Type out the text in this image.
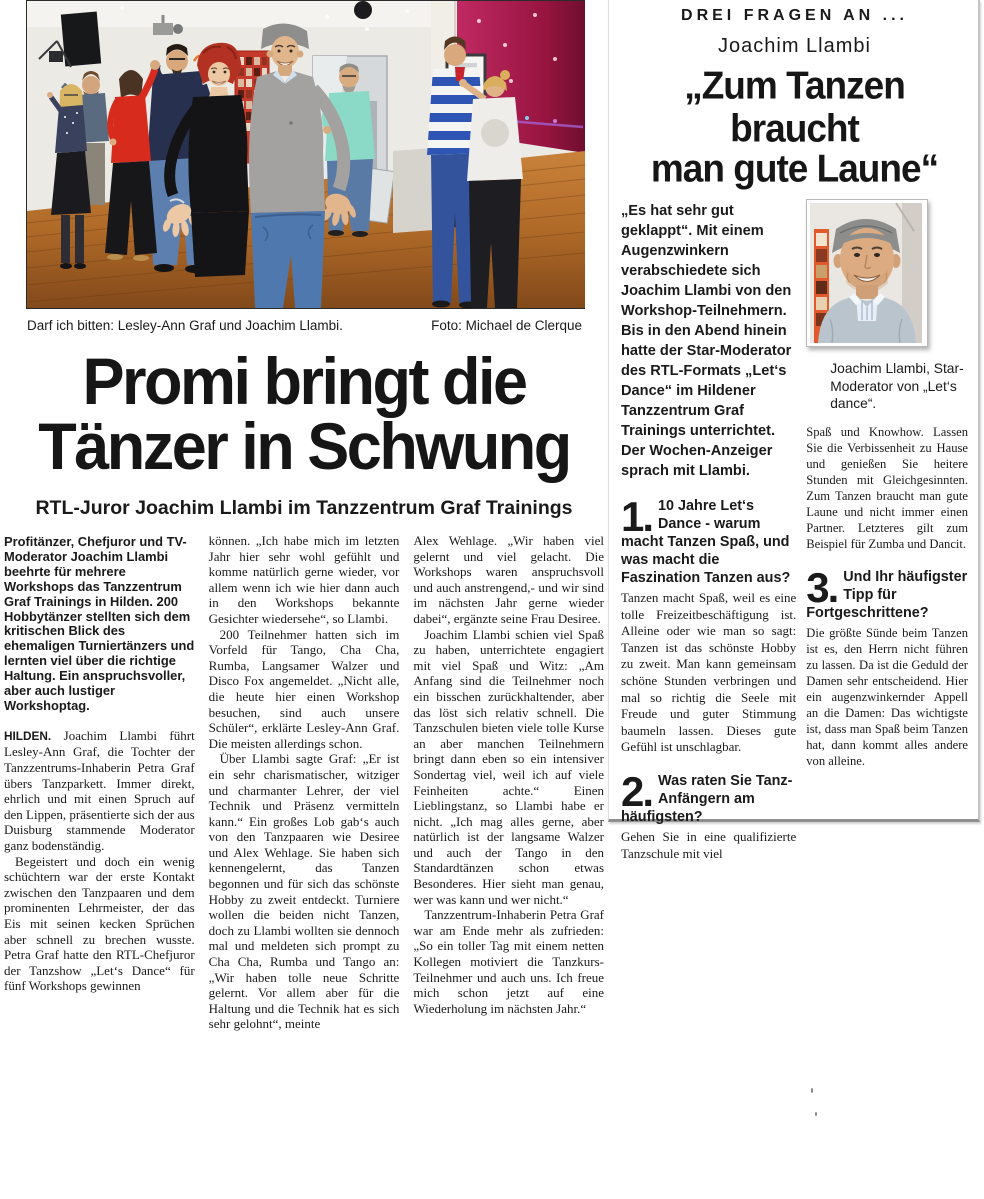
Darf ich bitten: Lesley-Ann Graf und Joachim Llambi.	Foto: Michael de Clerque
Promi bringt die
Tänzer in Schwung
RTL-Juror Joachim Llambi im Tanzzentrum Graf Trainings

Profitänzer, Chefjuror und TV-Moderator Joachim Llambi beehrte für mehrere Workshops das Tanzzentrum Graf Trainings in Hilden. 200 Hobbytänzer stellten sich dem kritischen Blick des ehemaligen Turniertänzers und lernten viel über die richtige Haltung. Ein anspruchsvoller, aber auch lustiger Workshoptag.

HILDEN. Joachim Llambi führt Lesley-Ann Graf, die Tochter der Tanzzentrums-Inhaberin Petra Graf übers Tanzparkett. Immer direkt, ehrlich und mit einen Spruch auf den Lippen, präsentierte sich der aus Duisburg stammende Moderator ganz bodenständig.

Begeistert und doch ein wenig schüchtern war der erste Kontakt zwischen den Tanzpaaren und dem prominenten Lehrmeister, der das Eis mit seinen kecken Sprüchen aber schnell zu brechen wusste. Petra Graf hatte den RTL-Chefjuror der Tanzshow „Let‘s Dance“ für fünf Workshops gewinnen

können. „Ich habe mich im letzten Jahr hier sehr wohl gefühlt und komme natürlich gerne wieder, vor allem wenn ich wie hier dann auch in den Workshops bekannte Gesichter wiedersehe“, so Llambi.

200 Teilnehmer hatten sich im Vorfeld für Tango, Cha Cha, Rumba, Langsamer Walzer und Disco Fox angemeldet. „Nicht alle, die heute hier einen Workshop besuchen, sind auch unsere Schüler“, erklärte Lesley-Ann Graf. Die meisten allerdings schon.

Über Llambi sagte Graf: „Er ist ein sehr charismatischer, witziger und charmanter Lehrer, der viel Technik und Präsenz vermitteln kann.“ Ein großes Lob gab‘s auch von den Tanzpaaren wie Desiree und Alex Wehlage. Sie haben sich kennengelernt, das Tanzen begonnen und für sich das schönste Hobby zu zweit entdeckt. Turniere wollen die beiden nicht Tanzen, doch zu Llambi wollten sie dennoch mal und meldeten sich prompt zu Cha Cha, Rumba und Tango an: „Wir haben tolle neue Schritte gelernt. Vor allem aber für die Haltung und die Technik hat es sich sehr gelohnt“, meinte

Alex Wehlage. „Wir haben viel gelernt und viel gelacht. Die Workshops waren anspruchsvoll und auch anstrengend,- und wir sind im nächsten Jahr gerne wieder dabei“, ergänzte seine Frau Desiree.

Joachim Llambi schien viel Spaß zu haben, unterrichtete engagiert mit viel Spaß und Witz: „Am Anfang sind die Teilnehmer noch ein bisschen zurückhaltender, aber das löst sich relativ schnell. Die Tanzschulen bieten viele tolle Kurse an aber manchen Teilnehmern bringt dann eben so ein intensiver Sondertag viel, weil ich auf viele Feinheiten achte.“ Einen Lieblingstanz, so Llambi habe er nicht. „Ich mag alles gerne, aber natürlich ist der langsame Walzer und auch der Tango in den Standardtänzen schon etwas Besonderes. Hier sieht man genau, wer was kann und wer nicht.“

Tanzzentrum-Inhaberin Petra Graf war am Ende mehr als zufrieden: „So ein toller Tag mit einem netten Kollegen motiviert die Tanzkurs-Teilnehmer und auch uns. Ich freue mich schon jetzt auf eine Wiederholung im nächsten Jahr.“

DREI FRAGEN AN ...
Joachim Llambi
„Zum Tanzen braucht
man gute Laune“

„Es hat sehr gut geklappt“. Mit einem Augenzwinkern verabschiedete sich Joachim Llambi von den Workshop-Teilnehmern. Bis in den Abend hinein hatte der Star-Moderator des RTL-Formats „Let‘s Dance“ im Hildener Tanzzentrum Graf Trainings unterrichtet. Der Wochen-Anzeiger sprach mit Llambi.

1. 10 Jahre Let‘s Dance - warum macht Tanzen Spaß, und was macht die Faszination Tanzen aus?

Tanzen macht Spaß, weil es eine tolle Freizeitbeschäftigung ist. Alleine oder wie man so sagt: Tanzen ist das schönste Hobby zu zweit. Man kann gemeinsam schöne Stunden verbringen und mal so richtig die Seele mit Freude und guter Stimmung baumeln lassen. Dieses gute Gefühl ist unschlagbar.

2. Was raten Sie Tanz-Anfängern am häufigsten?

Gehen Sie in eine qualifizierte Tanzschule mit viel

Joachim Llambi, Star-Moderator von „Let‘s dance“.

Spaß und Knowhow. Lassen Sie die Verbissenheit zu Hause und genießen Sie heitere Stunden mit Gleichgesinnten. Zum Tanzen braucht man gute Laune und nicht immer einen Partner. Letzteres gilt zum Beispiel für Zumba und Dancit.

3. Und Ihr häufigster Tipp für Fortgeschrittene?

Die größte Sünde beim Tanzen ist es, den Herrn nicht führen zu lassen. Da ist die Geduld der Damen sehr entscheidend. Hier ein augenzwinkernder Appell an die Damen: Das wichtigste ist, dass man Spaß beim Tanzen hat, dann kommt alles andere von alleine.
